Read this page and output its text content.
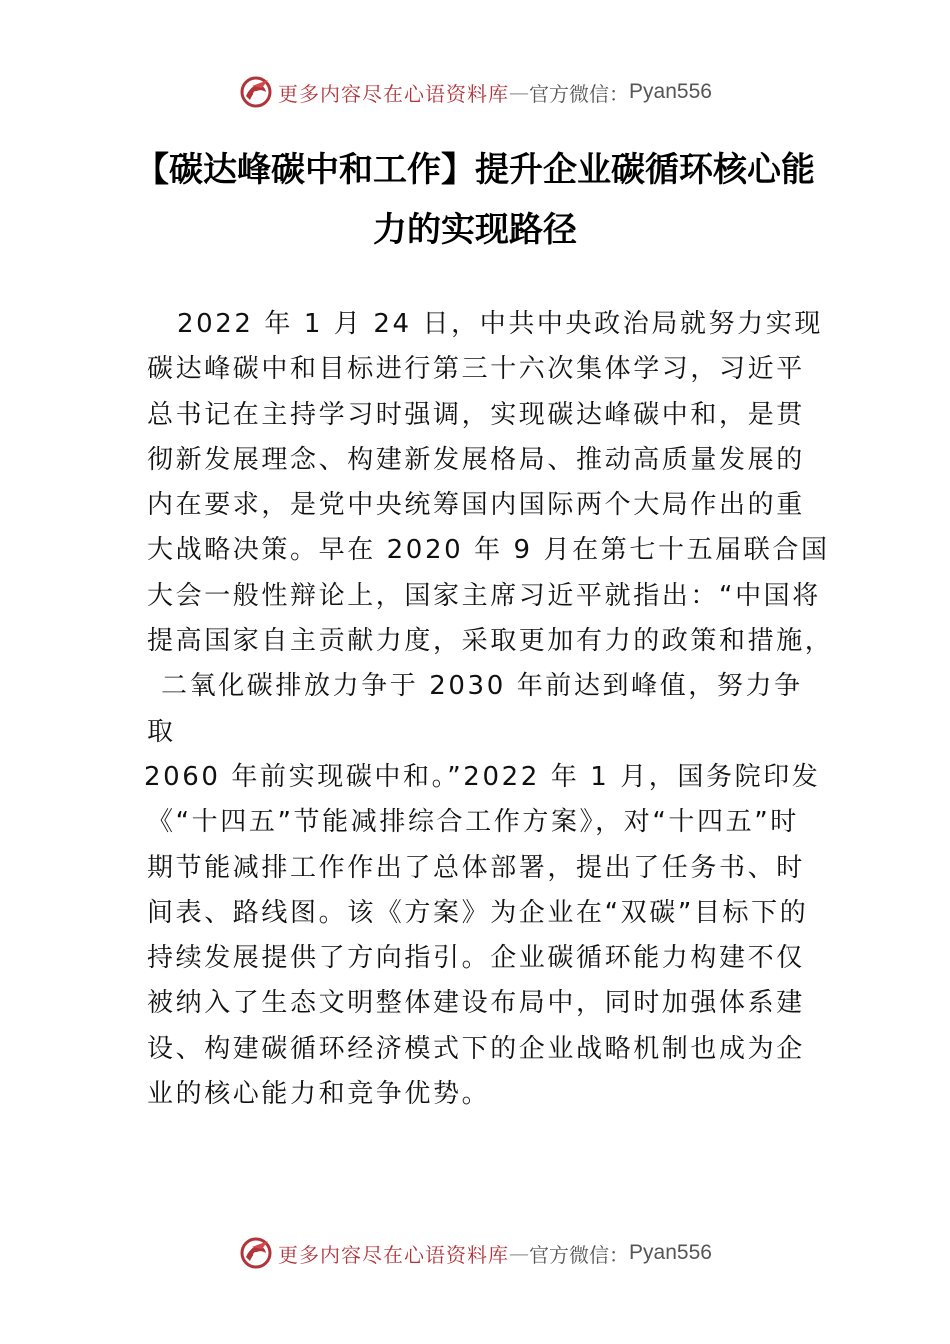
更多内容尽在心语资料库 — 官方微信： Pyan556
【碳达峰碳中和工作】提升企业碳循环核心能
力的实现路径
2022 年 1 月 24 日，中共中央政治局就努力实现
碳达峰碳中和目标进行第三十六次集体学习，习近平
总书记在主持学习时强调，实现碳达峰碳中和，是贯
彻新发展理念、构建新发展格局、推动高质量发展的
内在要求，是党中央统筹国内国际两个大局作出的重
大战略决策。早在 2020 年 9 月在第七十五届联合国
大会一般性辩论上，国家主席习近平就指出：“中国将
提高国家自主贡献力度，采取更加有力的政策和措施，
二氧化碳排放力争于 2030 年前达到峰值，努力争
取
2060 年前实现碳中和。”2022 年 1 月，国务院印发
《“十四五”节能减排综合工作方案》，对“十四五”时
期节能减排工作作出了总体部署，提出了任务书、时
间表、路线图。该《方案》为企业在“双碳”目标下的
持续发展提供了方向指引。企业碳循环能力构建不仅
被纳入了生态文明整体建设布局中，同时加强体系建
设、构建碳循环经济模式下的企业战略机制也成为企
业的核心能力和竞争优势。
更多内容尽在心语资料库 — 官方微信： Pyan556
